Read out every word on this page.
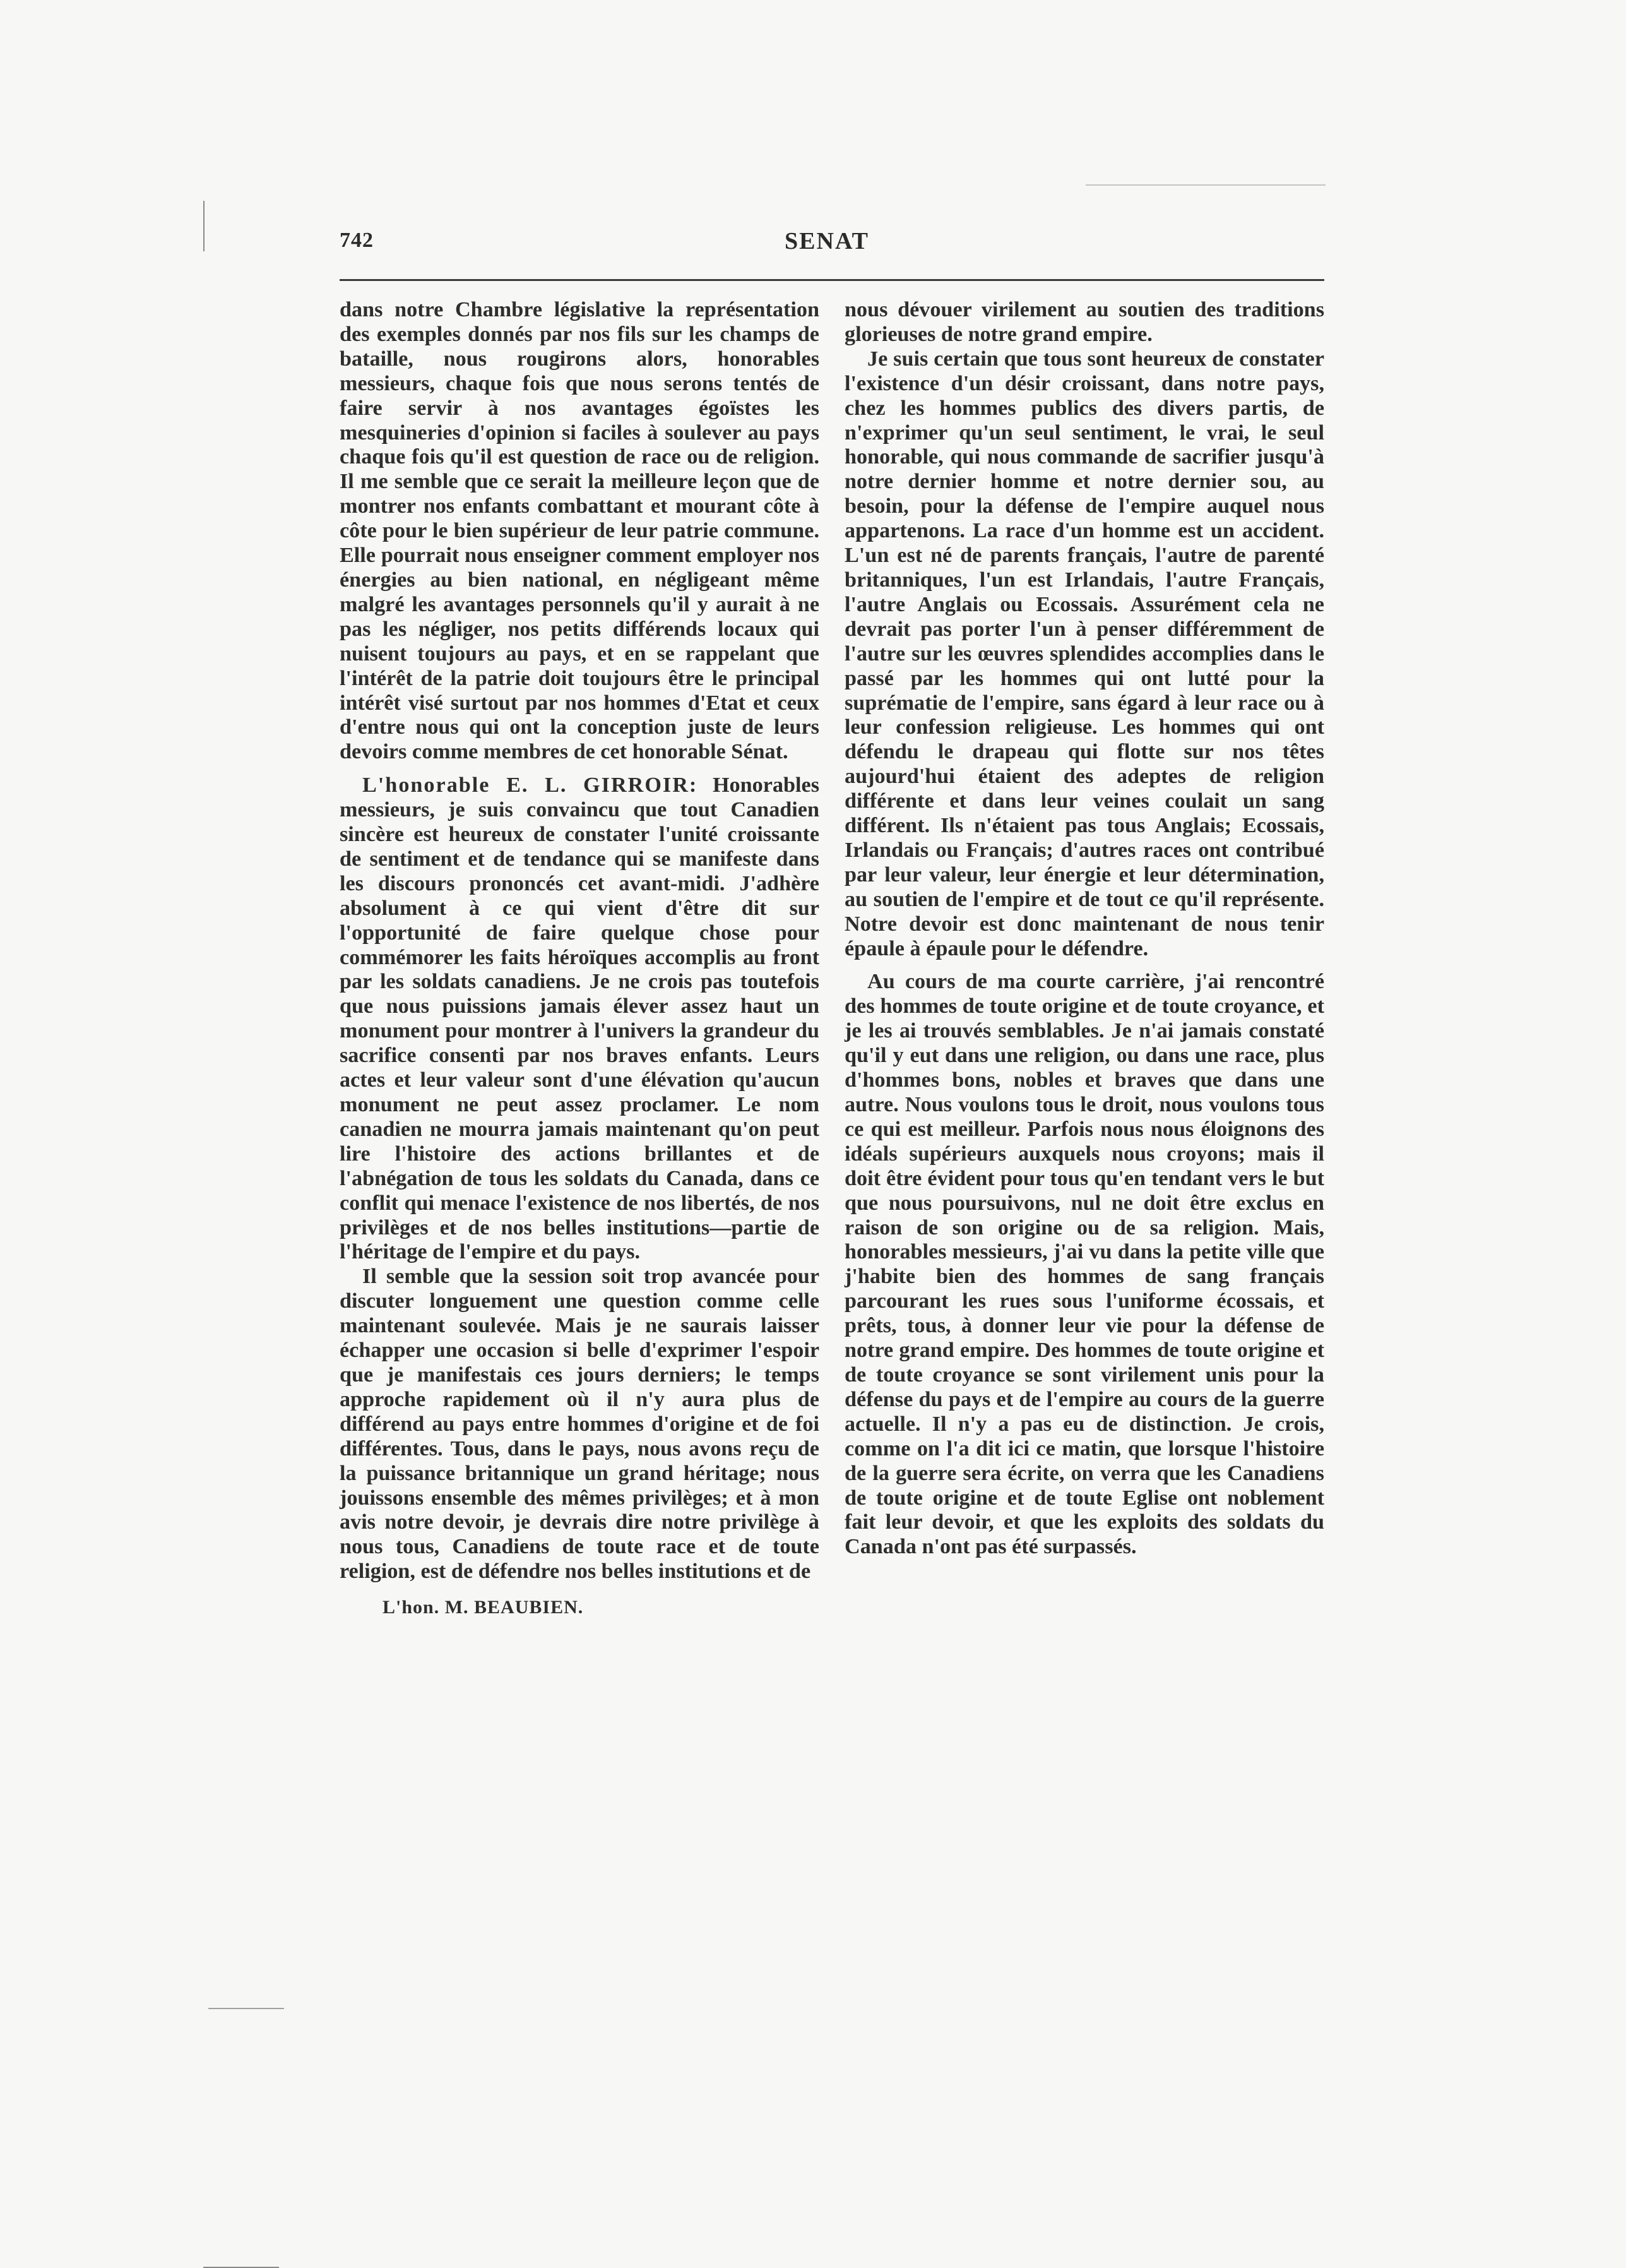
742	SENAT

dans notre Chambre législative la représentation des exemples donnés par nos fils sur les champs de bataille, nous rougirons alors, honorables messieurs, chaque fois que nous serons tentés de faire servir à nos avantages égoïstes les mesquineries d'opinion si faciles à soulever au pays chaque fois qu'il est question de race ou de religion. Il me semble que ce serait la meilleure leçon que de montrer nos enfants combattant et mourant côte à côte pour le bien supérieur de leur patrie commune. Elle pourrait nous enseigner comment employer nos énergies au bien national, en négligeant même malgré les avantages personnels qu'il y aurait à ne pas les négliger, nos petits différends locaux qui nuisent toujours au pays, et en se rappelant que l'intérêt de la patrie doit toujours être le principal intérêt visé surtout par nos hommes d'Etat et ceux d'entre nous qui ont la conception juste de leurs devoirs comme membres de cet honorable Sénat.

L'honorable E. L. GIRROIR: Honorables messieurs, je suis convaincu que tout Canadien sincère est heureux de constater l'unité croissante de sentiment et de tendance qui se manifeste dans les discours prononcés cet avant-midi. J'adhère absolument à ce qui vient d'être dit sur l'opportunité de faire quelque chose pour commémorer les faits héroïques accomplis au front par les soldats canadiens. Je ne crois pas toutefois que nous puissions jamais élever assez haut un monument pour montrer à l'univers la grandeur du sacrifice consenti par nos braves enfants. Leurs actes et leur valeur sont d'une élévation qu'aucun monument ne peut assez proclamer. Le nom canadien ne mourra jamais maintenant qu'on peut lire l'histoire des actions brillantes et de l'abnégation de tous les soldats du Canada, dans ce conflit qui menace l'existence de nos libertés, de nos privilèges et de nos belles institutions—partie de l'héritage de l'empire et du pays.

Il semble que la session soit trop avancée pour discuter longuement une question comme celle maintenant soulevée. Mais je ne saurais laisser échapper une occasion si belle d'exprimer l'espoir que je manifestais ces jours derniers; le temps approche rapidement où il n'y aura plus de différend au pays entre hommes d'origine et de foi différentes. Tous, dans le pays, nous avons reçu de la puissance britannique un grand héritage; nous jouissons ensemble des mêmes privilèges; et à mon avis notre devoir, je devrais dire notre privilège à nous tous, Canadiens de toute race et de toute religion, est de défendre nos belles institutions et de

L'hon. M. BEAUBIEN.

nous dévouer virilement au soutien des traditions glorieuses de notre grand empire.

Je suis certain que tous sont heureux de constater l'existence d'un désir croissant, dans notre pays, chez les hommes publics des divers partis, de n'exprimer qu'un seul sentiment, le vrai, le seul honorable, qui nous commande de sacrifier jusqu'à notre dernier homme et notre dernier sou, au besoin, pour la défense de l'empire auquel nous appartenons. La race d'un homme est un accident. L'un est né de parents français, l'autre de parenté britanniques, l'un est Irlandais, l'autre Français, l'autre Anglais ou Ecossais. Assurément cela ne devrait pas porter l'un à penser différemment de l'autre sur les œuvres splendides accomplies dans le passé par les hommes qui ont lutté pour la suprématie de l'empire, sans égard à leur race ou à leur confession religieuse. Les hommes qui ont défendu le drapeau qui flotte sur nos têtes aujourd'hui étaient des adeptes de religion différente et dans leur veines coulait un sang différent. Ils n'étaient pas tous Anglais; Ecossais, Irlandais ou Français; d'autres races ont contribué par leur valeur, leur énergie et leur détermination, au soutien de l'empire et de tout ce qu'il représente. Notre devoir est donc maintenant de nous tenir épaule à épaule pour le défendre.

Au cours de ma courte carrière, j'ai rencontré des hommes de toute origine et de toute croyance, et je les ai trouvés semblables. Je n'ai jamais constaté qu'il y eut dans une religion, ou dans une race, plus d'hommes bons, nobles et braves que dans une autre. Nous voulons tous le droit, nous voulons tous ce qui est meilleur. Parfois nous nous éloignons des idéals supérieurs auxquels nous croyons; mais il doit être évident pour tous qu'en tendant vers le but que nous poursuivons, nul ne doit être exclus en raison de son origine ou de sa religion. Mais, honorables messieurs, j'ai vu dans la petite ville que j'habite bien des hommes de sang français parcourant les rues sous l'uniforme écossais, et prêts, tous, à donner leur vie pour la défense de notre grand empire. Des hommes de toute origine et de toute croyance se sont virilement unis pour la défense du pays et de l'empire au cours de la guerre actuelle. Il n'y a pas eu de distinction. Je crois, comme on l'a dit ici ce matin, que lorsque l'histoire de la guerre sera écrite, on verra que les Canadiens de toute origine et de toute Eglise ont noblement fait leur devoir, et que les exploits des soldats du Canada n'ont pas été surpassés.
